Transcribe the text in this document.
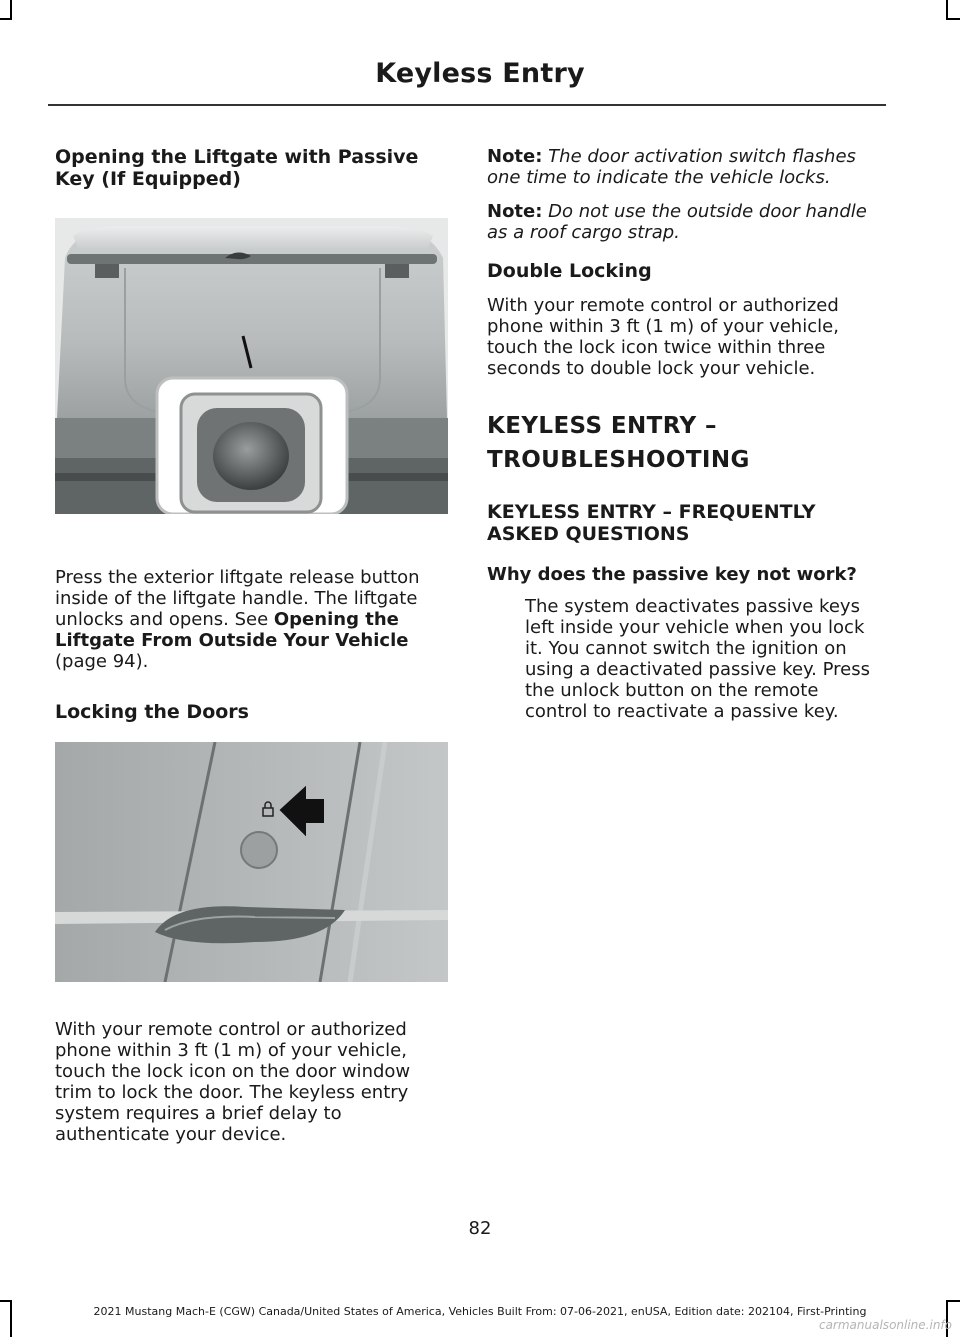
Keyless Entry
Opening the Liftgate with Passive Key (If Equipped)

Press the exterior liftgate release button inside of the liftgate handle. The liftgate unlocks and opens. See Opening the Liftgate From Outside Your Vehicle (page 94).

Locking the Doors

With your remote control or authorized phone within 3 ft (1 m) of your vehicle, touch the lock icon on the door window trim to lock the door. The keyless entry system requires a brief delay to authenticate your device.

Note: The door activation switch flashes one time to indicate the vehicle locks.

Note: Do not use the outside door handle as a roof cargo strap.

Double Locking

With your remote control or authorized phone within 3 ft (1 m) of your vehicle, touch the lock icon twice within three seconds to double lock your vehicle.

KEYLESS ENTRY –
TROUBLESHOOTING
KEYLESS ENTRY – FREQUENTLY ASKED QUESTIONS
Why does the passive key not work?

The system deactivates passive keys left inside your vehicle when you lock it. You cannot switch the ignition on using a deactivated passive key. Press the unlock button on the remote control to reactivate a passive key.

82
2021 Mustang Mach-E (CGW) Canada/United States of America, Vehicles Built From: 07-06-2021, enUSA, Edition date: 202104, First-Printing
carmanualsonline.info
